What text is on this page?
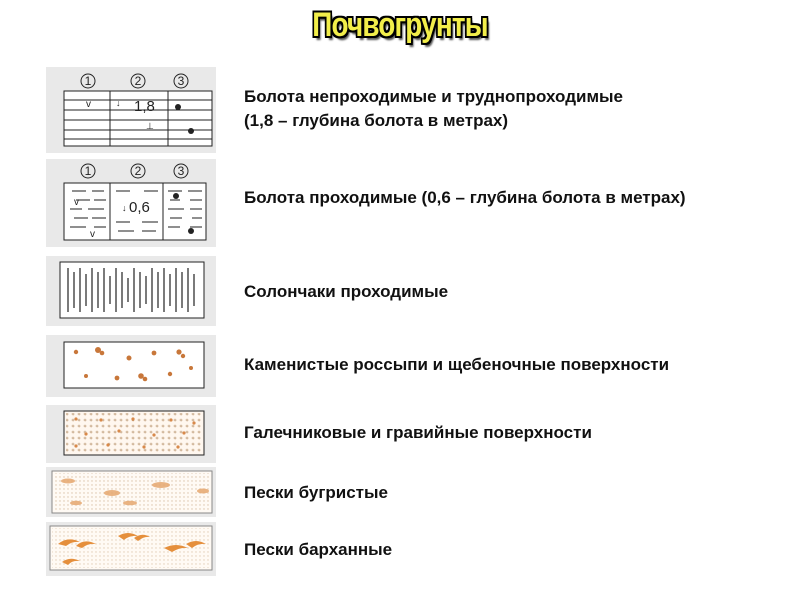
Почвогрунты
1	2	3
v	↓ 1,8
⊥
Болота непроходимые и труднопроходимые
(1,8 – глубина болота в метрах)
1	2	3
v
v
↓ 0,6
Болота проходимые (0,6 – глубина болота в метрах)
Солончаки проходимые
Каменистые россыпи и щебеночные поверхности
Галечниковые и гравийные поверхности
Пески бугристые
Пески барханные
